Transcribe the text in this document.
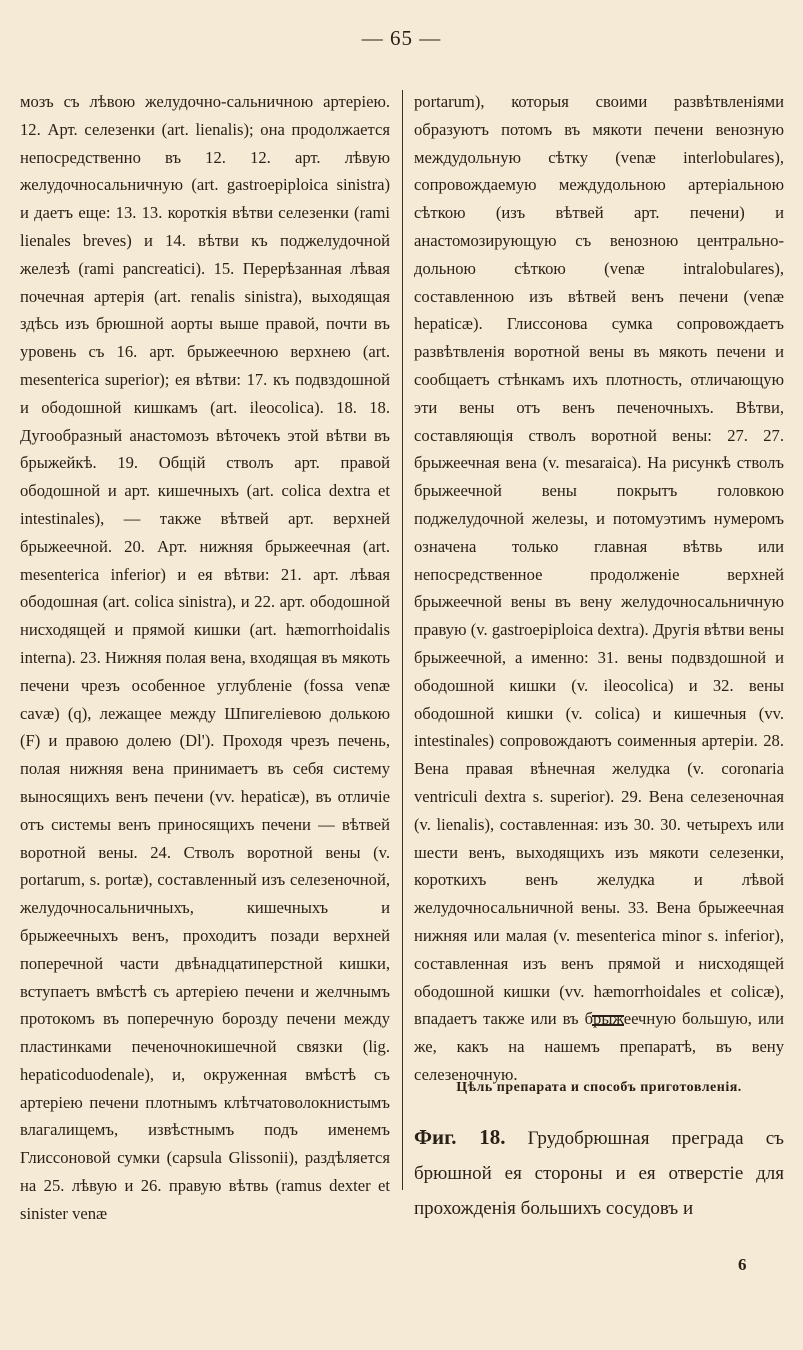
— 65 —

мозъ съ лѣвою желудочно-сальничною артеріею. 12. Арт. селезенки (art. lienalis); она продолжается непосредственно въ 12. 12. арт. лѣвую желудочносальничную (art. gastroepiploica sinistra) и даетъ еще: 13. 13. короткія вѣтви селезенки (rami lienales breves) и 14. вѣтви къ поджелудочной железѣ (rami pancreatici). 15. Перерѣзанная лѣвая почечная артерія (art. renalis sinistra), выходящая здѣсь изъ брюшной аорты выше правой, почти въ уровень съ 16. арт. брыжеечною верхнею (art. mesenterica superior); ея вѣтви: 17. къ подвздошной и ободошной кишкамъ (art. ileocolica). 18. 18. Дугообразный анастомозъ вѣточекъ этой вѣтви въ брыжейкѣ. 19. Общій стволъ арт. правой ободошной и арт. кишечныхъ (art. colica dextra et intestinales), — также вѣтвей арт. верхней брыжеечной. 20. Арт. нижняя брыжеечная (art. mesenterica inferior) и ея вѣтви: 21. арт. лѣвая ободошная (art. colica sinistra), и 22. арт. ободошной нисходящей и прямой кишки (art. hæmorrhoidalis interna). 23. Нижняя полая вена, входящая въ мякоть печени чрезъ особенное углубленіе (fossa venæ cavæ) (q), лежащее между Шпигеліевою долькою (F) и правою долею (Dl'). Проходя чрезъ печень, полая нижняя вена принимаетъ въ себя систему выносящихъ венъ печени (vv. hepaticæ), въ отличіе отъ системы венъ приносящихъ печени — вѣтвей воротной вены. 24. Стволъ воротной вены (v. portarum, s. portæ), составленный изъ селезеночной, желудочносальничныхъ, кишечныхъ и брыжеечныхъ венъ, проходитъ позади верхней поперечной части двѣнадцатиперстной кишки, вступаетъ вмѣстѣ съ артеріею печени и желчнымъ протокомъ въ поперечную борозду печени между пластинками печеночнокишечной связки (lig. hepaticoduodenale), и, окруженная вмѣстѣ съ артеріею печени плотнымъ клѣтчатоволокнистымъ влагалищемъ, извѣстнымъ подъ именемъ Глиссоновой сумки (capsula Glissonii), раздѣляется на 25. лѣвую и 26. правую вѣтвь (ramus dexter et sinister venæ

portarum), которыя своими развѣтвленіями образуютъ потомъ въ мякоти печени венозную междудольную сѣтку (venæ interlobulares), сопровождаемую междудольною артеріальною сѣткою (изъ вѣтвей арт. печени) и анастомозирующую съ венозною центрально-дольною сѣткою (venæ intralobulares), составленною изъ вѣтвей венъ печени (venæ hepaticæ). Глиссонова сумка сопровождаетъ развѣтвленія воротной вены въ мякоть печени и сообщаетъ стѣнкамъ ихъ плотность, отличающую эти вены отъ венъ печеночныхъ. Вѣтви, составляющія стволъ воротной вены: 27. 27. брыжеечная вена (v. mesaraica). На рисункѣ стволъ брыжеечной вены покрытъ головкою поджелудочной железы, и потомуэтимъ нумеромъ означена только главная вѣтвь или непосредственное продолженіе верхней брыжеечной вены въ вену желудочносальничную правую (v. gastroepiploica dextra). Другія вѣтви вены брыжеечной, а именно: 31. вены подвздошной и ободошной кишки (v. ileocolica) и 32. вены ободошной кишки (v. colica) и кишечныя (vv. intestinales) сопровождаютъ соименныя артеріи. 28. Вена правая вѣнечная желудка (v. coronaria ventriculi dextra s. superior). 29. Вена селезеночная (v. lienalis), составленная: изъ 30. 30. четырехъ или шести венъ, выходящихъ изъ мякоти селезенки, короткихъ венъ желудка и лѣвой желудочносальничной вены. 33. Вена брыжеечная нижняя или малая (v. mesenterica minor s. inferior), составленная изъ венъ прямой и нисходящей ободошной кишки (vv. hæmorrhoidales et colicæ), впадаетъ также или въ брыжеечную большую, или же, какъ на нашемъ препаратѣ, въ вену селезеночную.

Цѣль препарата и способъ приготовленія.
Фиг. 18. Грудобрюшная преграда съ брюшной ея стороны и ея отверстіе для прохожденія большихъ сосудовъ и
6
